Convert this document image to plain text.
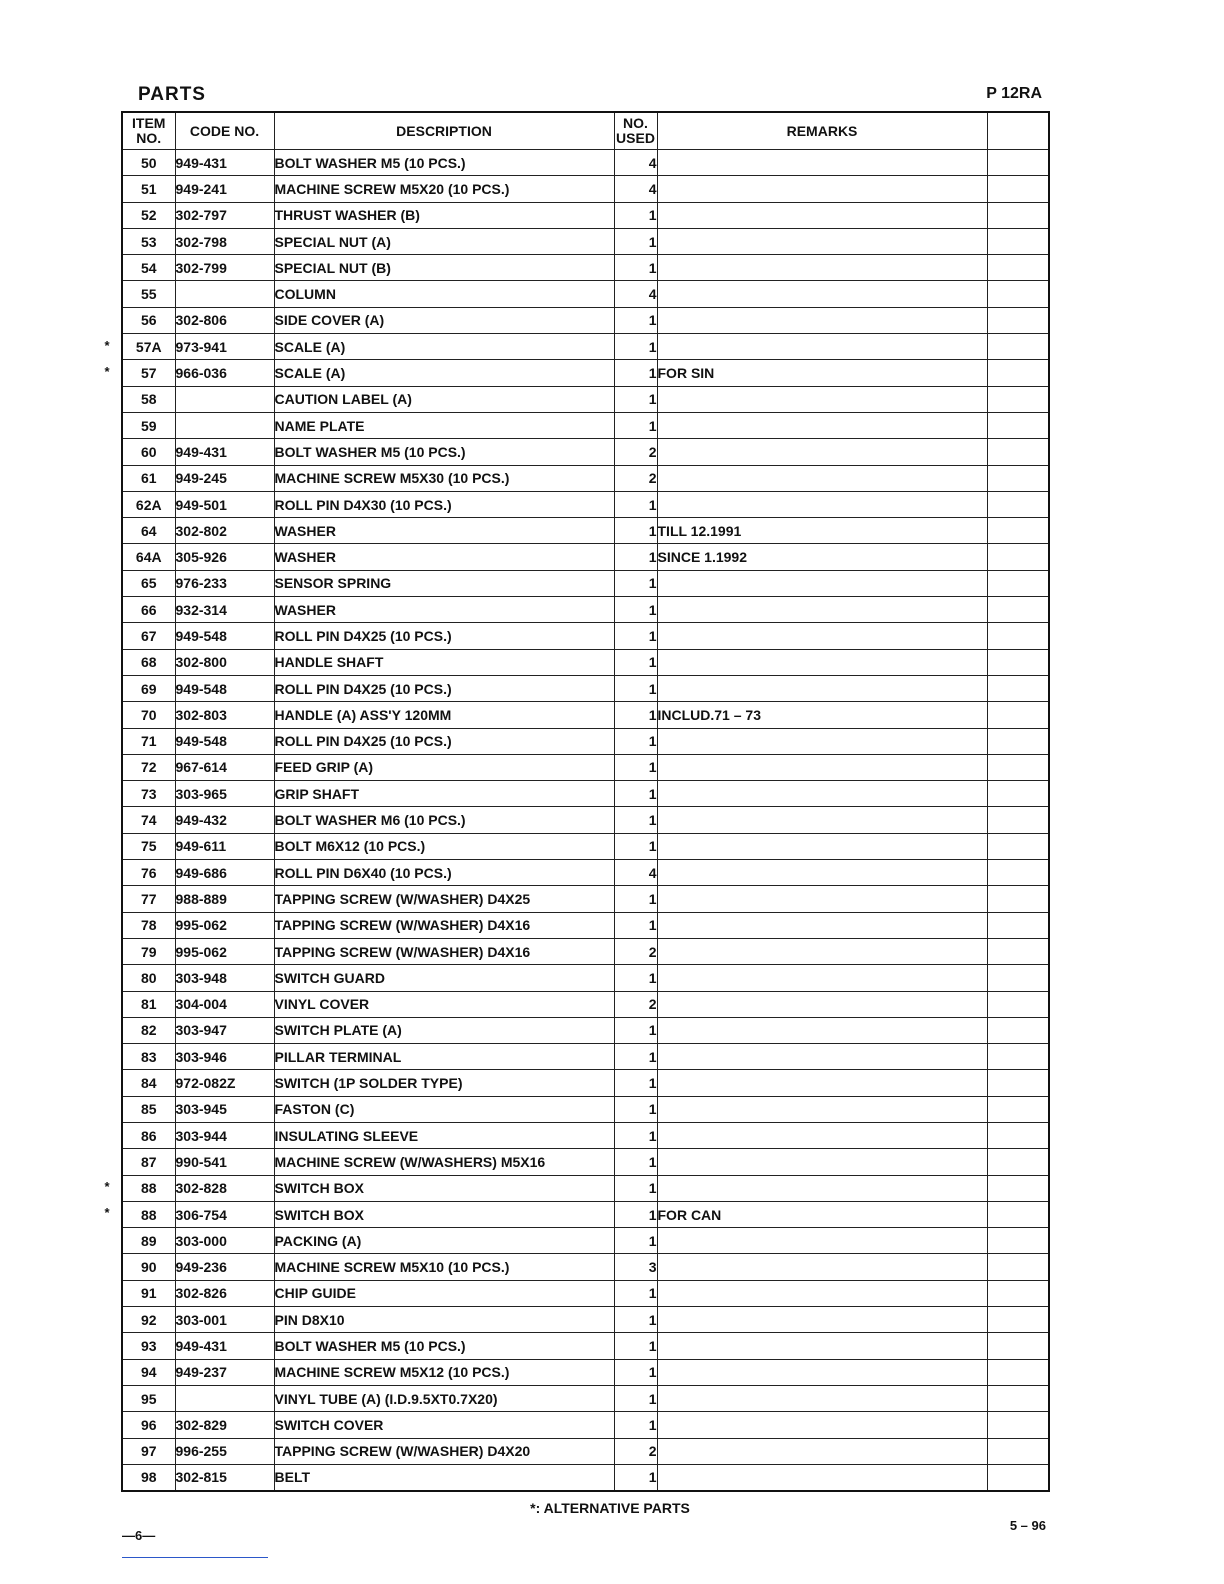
PARTS	P 12RA
ITEM NO.	CODE NO.	DESCRIPTION	NO. USED	REMARKS	
50	949-431	BOLT WASHER M5 (10 PCS.)	4		
51	949-241	MACHINE SCREW M5X20 (10 PCS.)	4		
52	302-797	THRUST WASHER (B)	1		
53	302-798	SPECIAL NUT (A)	1		
54	302-799	SPECIAL NUT (B)	1		
55		COLUMN	4		
56	302-806	SIDE COVER (A)	1		
57A	973-941	SCALE (A)	1		
57	966-036	SCALE (A)	1	FOR SIN	
58		CAUTION LABEL (A)	1		
59		NAME PLATE	1		
60	949-431	BOLT WASHER M5 (10 PCS.)	2		
61	949-245	MACHINE SCREW M5X30 (10 PCS.)	2		
62A	949-501	ROLL PIN D4X30 (10 PCS.)	1		
64	302-802	WASHER	1	TILL 12.1991	
64A	305-926	WASHER	1	SINCE 1.1992	
65	976-233	SENSOR SPRING	1		
66	932-314	WASHER	1		
67	949-548	ROLL PIN D4X25 (10 PCS.)	1		
68	302-800	HANDLE SHAFT	1		
69	949-548	ROLL PIN D4X25 (10 PCS.)	1		
70	302-803	HANDLE (A) ASS'Y 120MM	1	INCLUD.71 – 73	
71	949-548	ROLL PIN D4X25 (10 PCS.)	1		
72	967-614	FEED GRIP (A)	1		
73	303-965	GRIP SHAFT	1		
74	949-432	BOLT WASHER M6 (10 PCS.)	1		
75	949-611	BOLT M6X12 (10 PCS.)	1		
76	949-686	ROLL PIN D6X40 (10 PCS.)	4		
77	988-889	TAPPING SCREW (W/WASHER) D4X25	1		
78	995-062	TAPPING SCREW (W/WASHER) D4X16	1		
79	995-062	TAPPING SCREW (W/WASHER) D4X16	2		
80	303-948	SWITCH GUARD	1		
81	304-004	VINYL COVER	2		
82	303-947	SWITCH PLATE (A)	1		
83	303-946	PILLAR TERMINAL	1		
84	972-082Z	SWITCH (1P SOLDER TYPE)	1		
85	303-945	FASTON (C)	1		
86	303-944	INSULATING SLEEVE	1		
87	990-541	MACHINE SCREW (W/WASHERS) M5X16	1		
88	302-828	SWITCH BOX	1		
88	306-754	SWITCH BOX	1	FOR CAN	
89	303-000	PACKING (A)	1		
90	949-236	MACHINE SCREW M5X10 (10 PCS.)	3		
91	302-826	CHIP GUIDE	1		
92	303-001	PIN D8X10	1		
93	949-431	BOLT WASHER M5 (10 PCS.)	1		
94	949-237	MACHINE SCREW M5X12 (10 PCS.)	1		
95		VINYL TUBE (A) (I.D.9.5XT0.7X20)	1		
96	302-829	SWITCH COVER	1		
97	996-255	TAPPING SCREW (W/WASHER) D4X20	2		
98	302-815	BELT	1		
*
*
*
*
*: ALTERNATIVE PARTS
—6—
5 – 96
